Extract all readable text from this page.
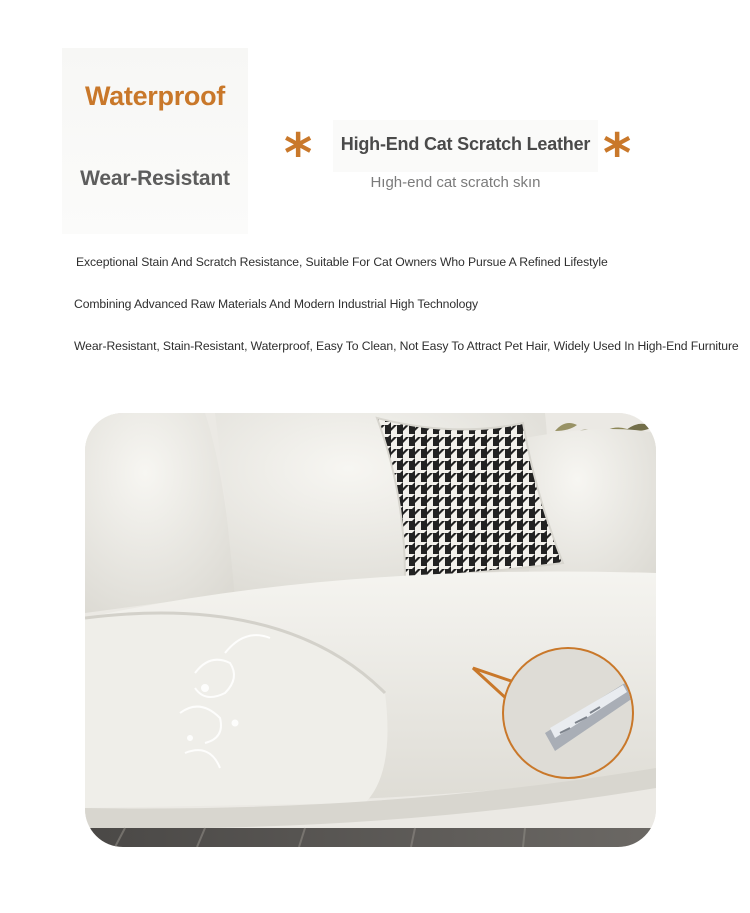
Waterproof
Wear-Resistant	*	High-End Cat Scratch Leather *
Hıgh-end cat scratch skın
Exceptional Stain And Scratch Resistance, Suitable For Cat Owners Who Pursue A Refined Lifestyle
Combining Advanced Raw Materials And Modern Industrial High Technology
Wear-Resistant, Stain-Resistant, Waterproof, Easy To Clean, Not Easy To Attract Pet Hair, Widely Used In High-End Furniture
